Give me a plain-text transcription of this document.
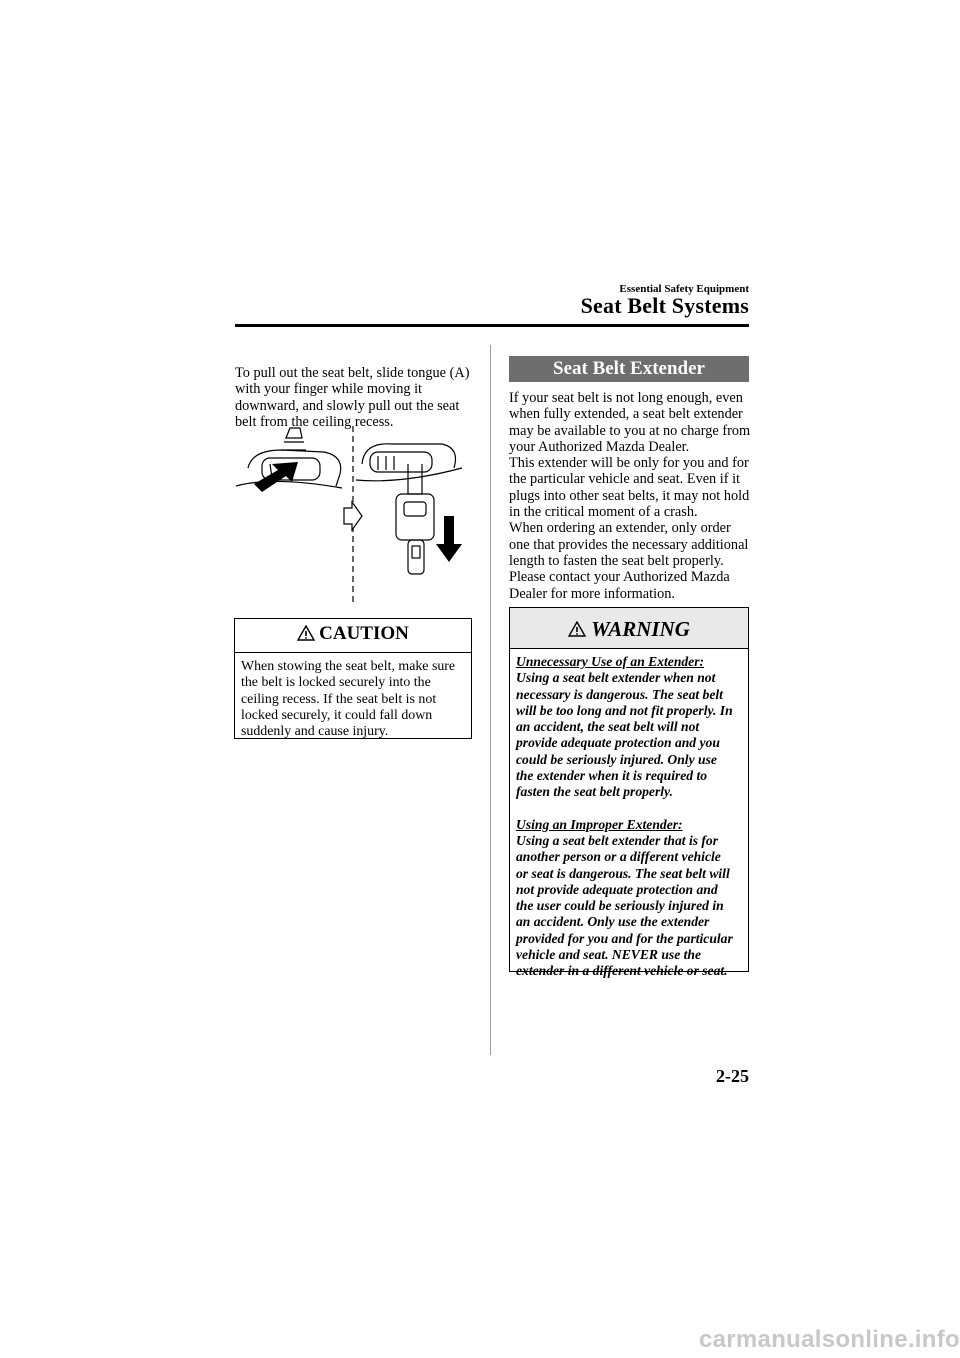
Essential Safety Equipment
Seat Belt Systems
To pull out the seat belt, slide tongue (A)
with your finger while moving it
downward, and slowly pull out the seat
belt from the ceiling recess.
CAUTION
When stowing the seat belt, make sure
the belt is locked securely into the
ceiling recess. If the seat belt is not
locked securely, it could fall down
suddenly and cause injury.
Seat Belt Extender
If your seat belt is not long enough, even
when fully extended, a seat belt extender
may be available to you at no charge from
your Authorized Mazda Dealer.
This extender will be only for you and for
the particular vehicle and seat. Even if it
plugs into other seat belts, it may not hold
in the critical moment of a crash.
When ordering an extender, only order
one that provides the necessary additional
length to fasten the seat belt properly.
Please contact your Authorized Mazda
Dealer for more information.
WARNING
Unnecessary Use of an Extender:
Using a seat belt extender when not
necessary is dangerous. The seat belt
will be too long and not fit properly. In
an accident, the seat belt will not
provide adequate protection and you
could be seriously injured. Only use
the extender when it is required to
fasten the seat belt properly.
Using an Improper Extender:
Using a seat belt extender that is for
another person or a different vehicle
or seat is dangerous. The seat belt will
not provide adequate protection and
the user could be seriously injured in
an accident. Only use the extender
provided for you and for the particular
vehicle and seat. NEVER use the
extender in a different vehicle or seat.
2-25
carmanualsonline.info
